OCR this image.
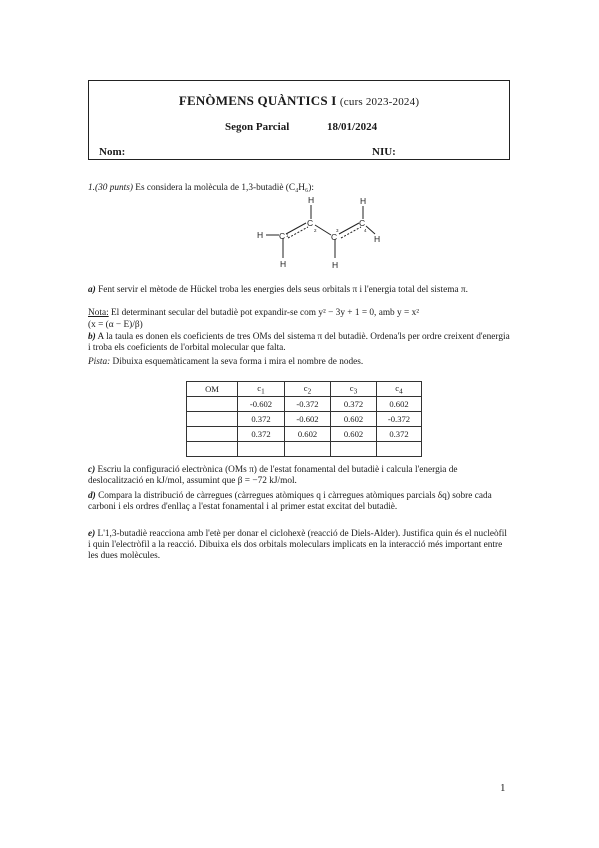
FENÒMENS QUÀNTICS I (curs 2023-2024)
Segon Parcial	18/01/2024
Nom:	NIU:
1.(30 punts) Es considera la molècula de 1,3-butadiè (C₄H₆):
H C
H
H
C
C
C
H
H
H
1
2	3	4
a) Fent servir el mètode de Hückel troba les energies dels seus orbitals π i l'energia total del sistema π.
Nota: El determinant secular del butadiè pot expandir-se com y² − 3y + 1 = 0, amb y = x²
(x = (α − E)/β)
b) A la taula es donen els coeficients de tres OMs del sistema π del butadiè. Ordena'ls per ordre creixent d'energia i troba els coeficients de l'orbital molecular que falta.
Pista: Dibuixa esquemàticament la seva forma i mira el nombre de nodes.
OM	$c_1$	$c_2$	$c_3$	$c_4$
	-0.602	-0.372	0.372	0.602
	0.372	-0.602	0.602	-0.372
	0.372	0.602	0.602	0.372

c) Escriu la configuració electrònica (OMs π) de l'estat fonamental del butadiè i calcula l'energia de deslocalització en kJ/mol, assumint que β = −72 kJ/mol.
d) Compara la distribució de càrregues (càrregues atòmiques q i càrregues atòmiques parcials δq) sobre cada carboni i els ordres d'enllaç a l'estat fonamental i al primer estat excitat del butadiè.
e) L'1,3-butadiè reacciona amb l'etè per donar el ciclohexè (reacció de Diels-Alder). Justifica quin és el nucleòfil i quin l'electròfil a la reacció. Dibuixa els dos orbitals moleculars implicats en la interacció més important entre les dues molècules.
1
